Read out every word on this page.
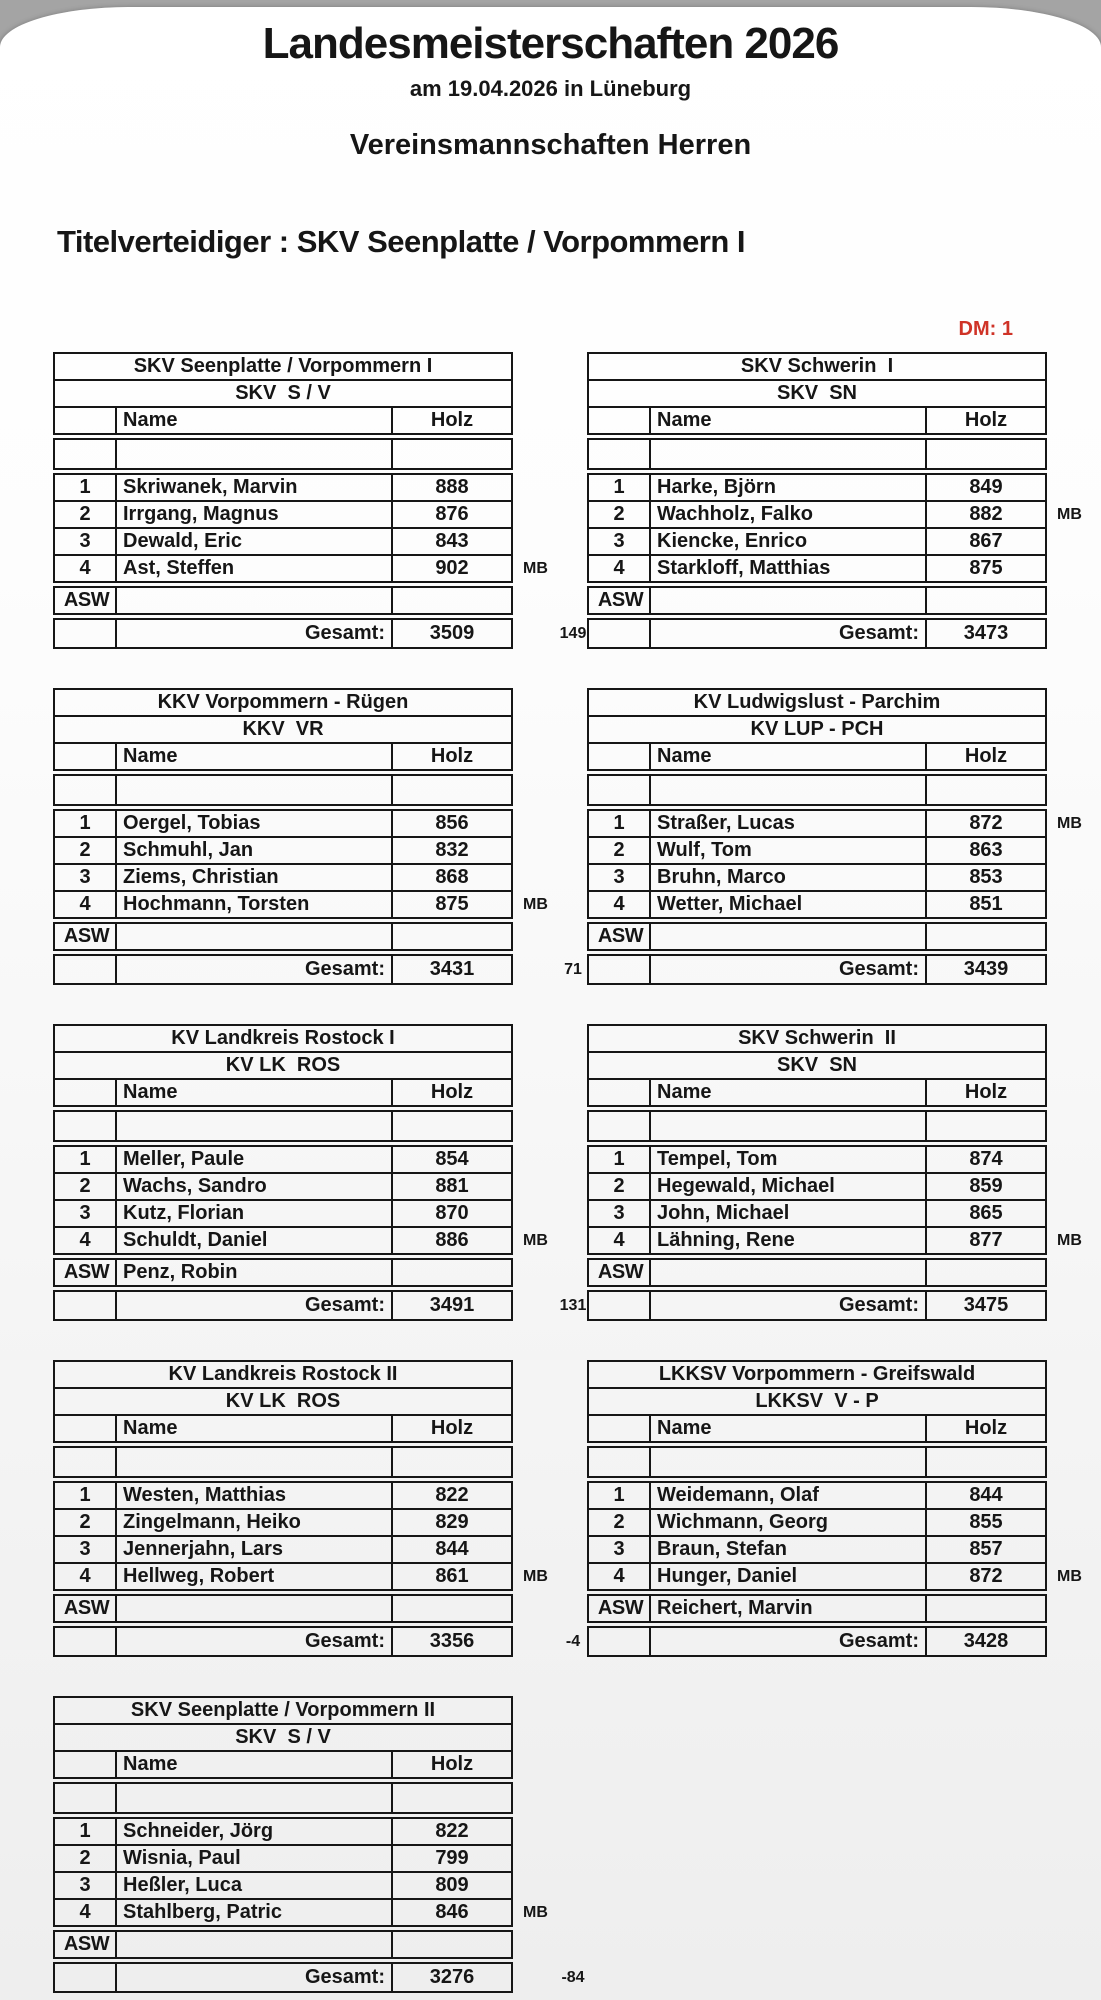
Landesmeisterschaften 2026
am 19.04.2026 in Lüneburg
Vereinsmannschaften Herren
Titelverteidiger : SKV Seenplatte / Vorpommern I
DM: 1
SKV Seenplatte / Vorpommern I
SKV  S / V
Name	Holz
1	Skriwanek, Marvin	888
2	Irrgang, Magnus	876
3	Dewald, Eric	843
4	Ast, Steffen	902	MB
ASW
Gesamt:	3509	149
SKV Schwerin  I
SKV  SN
Name	Holz
1	Harke, Björn	849
2	Wachholz, Falko	882	MB
3	Kiencke, Enrico	867
4	Starkloff, Matthias	875
ASW
Gesamt:	3473
KKV Vorpommern - Rügen
KKV  VR
Name	Holz
1	Oergel, Tobias	856
2	Schmuhl, Jan	832
3	Ziems, Christian	868
4	Hochmann, Torsten	875	MB
ASW
Gesamt:	3431	71
KV Ludwigslust - Parchim
KV LUP - PCH
Name	Holz
1	Straßer, Lucas	872	MB
2	Wulf, Tom	863
3	Bruhn, Marco	853
4	Wetter, Michael	851
ASW
Gesamt:	3439
KV Landkreis Rostock I
KV LK  ROS
Name	Holz
1	Meller, Paule	854
2	Wachs, Sandro	881
3	Kutz, Florian	870
4	Schuldt, Daniel	886	MB
ASW Penz, Robin
Gesamt:	3491	131
SKV Schwerin  II
SKV  SN
Name	Holz
1	Tempel, Tom	874
2	Hegewald, Michael	859
3	John, Michael	865
4	Lähning, Rene	877	MB
ASW
Gesamt:	3475
KV Landkreis Rostock II
KV LK  ROS
Name	Holz
1	Westen, Matthias	822
2	Zingelmann, Heiko	829
3	Jennerjahn, Lars	844
4	Hellweg, Robert	861	MB
ASW
Gesamt:	3356	-4
LKKSV Vorpommern - Greifswald
LKKSV  V - P
Name	Holz
1	Weidemann, Olaf	844
2	Wichmann, Georg	855
3	Braun, Stefan	857
4	Hunger, Daniel	872	MB
ASW Reichert, Marvin
Gesamt:	3428
SKV Seenplatte / Vorpommern II
SKV  S / V
Name	Holz
1	Schneider, Jörg	822
2	Wisnia, Paul	799
3	Heßler, Luca	809
4	Stahlberg, Patric	846	MB
ASW
Gesamt:	3276	-84
